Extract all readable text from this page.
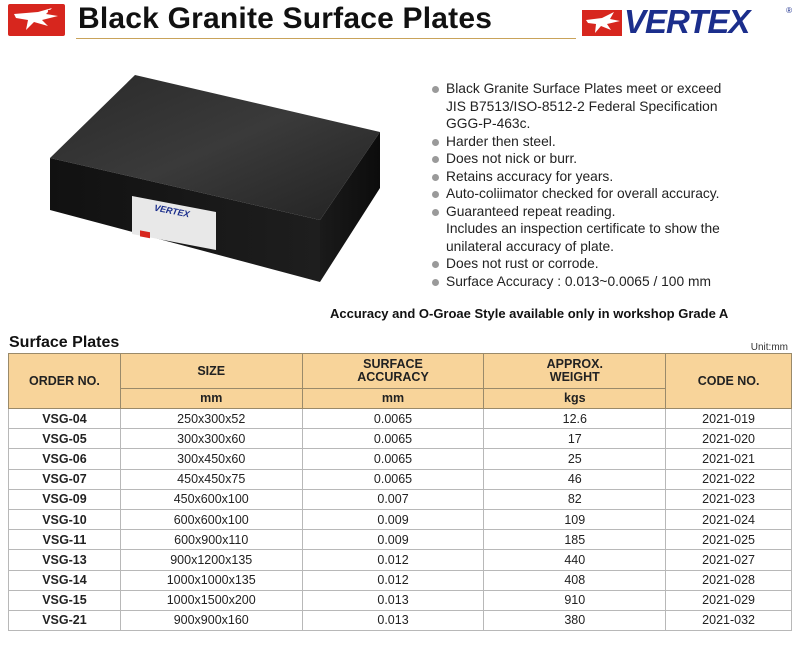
Black Granite Surface Plates	VERTEX	®
VERTEX
Black Granite Surface Plates meet or exceed
JIS B7513/ISO-8512-2 Federal Specification
GGG-P-463c.
Harder then steel.
Does not nick or burr.
Retains accuracy for years.
Auto-coliimator checked for overall accuracy.
Guaranteed repeat reading.
Includes an inspection certificate to show the
unilateral accuracy of plate.
Does not rust or corrode.
Surface Accuracy : 0.013~0.0065 / 100 mm
Accuracy and O-Groae Style available only in workshop Grade A
Surface Plates	Unit:mm
ORDER NO.	SIZE	SURFACE ACCURACY	APPROX. WEIGHT	CODE NO.
	mm	mm	kgs	
VSG-04	250x300x52	0.0065	12.6	2021-019
VSG-05	300x300x60	0.0065	17	2021-020
VSG-06	300x450x60	0.0065	25	2021-021
VSG-07	450x450x75	0.0065	46	2021-022
VSG-09	450x600x100	0.007	82	2021-023
VSG-10	600x600x100	0.009	109	2021-024
VSG-11	600x900x110	0.009	185	2021-025
VSG-13	900x1200x135	0.012	440	2021-027
VSG-14	1000x1000x135	0.012	408	2021-028
VSG-15	1000x1500x200	0.013	910	2021-029
VSG-21	900x900x160	0.013	380	2021-032
